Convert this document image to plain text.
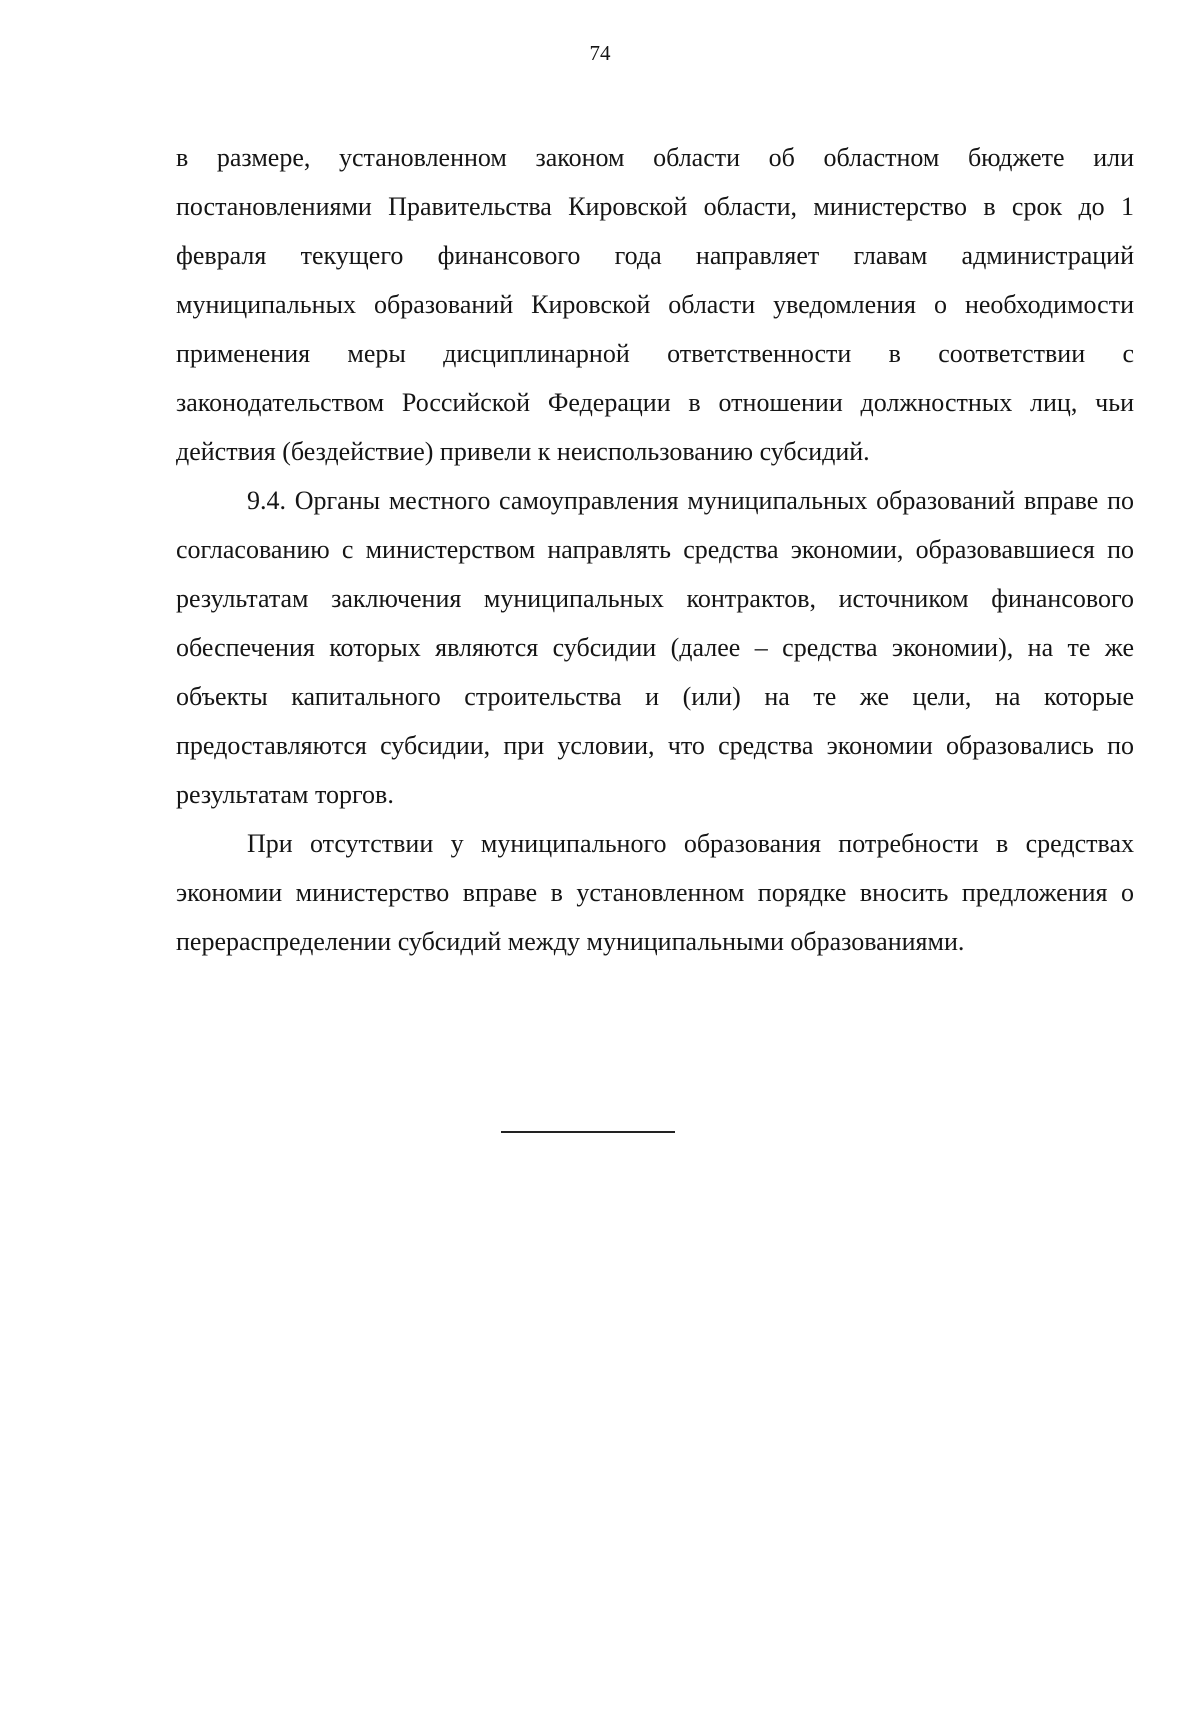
74

в размере, установленном законом области об областном бюджете или постановлениями Правительства Кировской области, министерство в срок до 1 февраля текущего финансового года направляет главам администраций муниципальных образований Кировской области уведомления о необходимости применения меры дисциплинарной ответственности в соответствии с законодательством Российской Федерации в отношении должностных лиц, чьи действия (бездействие) привели к неиспользованию субсидий.

9.4. Органы местного самоуправления муниципальных образований вправе по согласованию с министерством направлять средства экономии, образовавшиеся по результатам заключения муниципальных контрактов, источником финансового обеспечения которых являются субсидии (далее – средства экономии), на те же объекты капитального строительства и (или) на те же цели, на которые предоставляются субсидии, при условии, что средства экономии образовались по результатам торгов.

При отсутствии у муниципального образования потребности в средствах экономии министерство вправе в установленном порядке вносить предложения о перераспределении субсидий между муниципальными образованиями.
